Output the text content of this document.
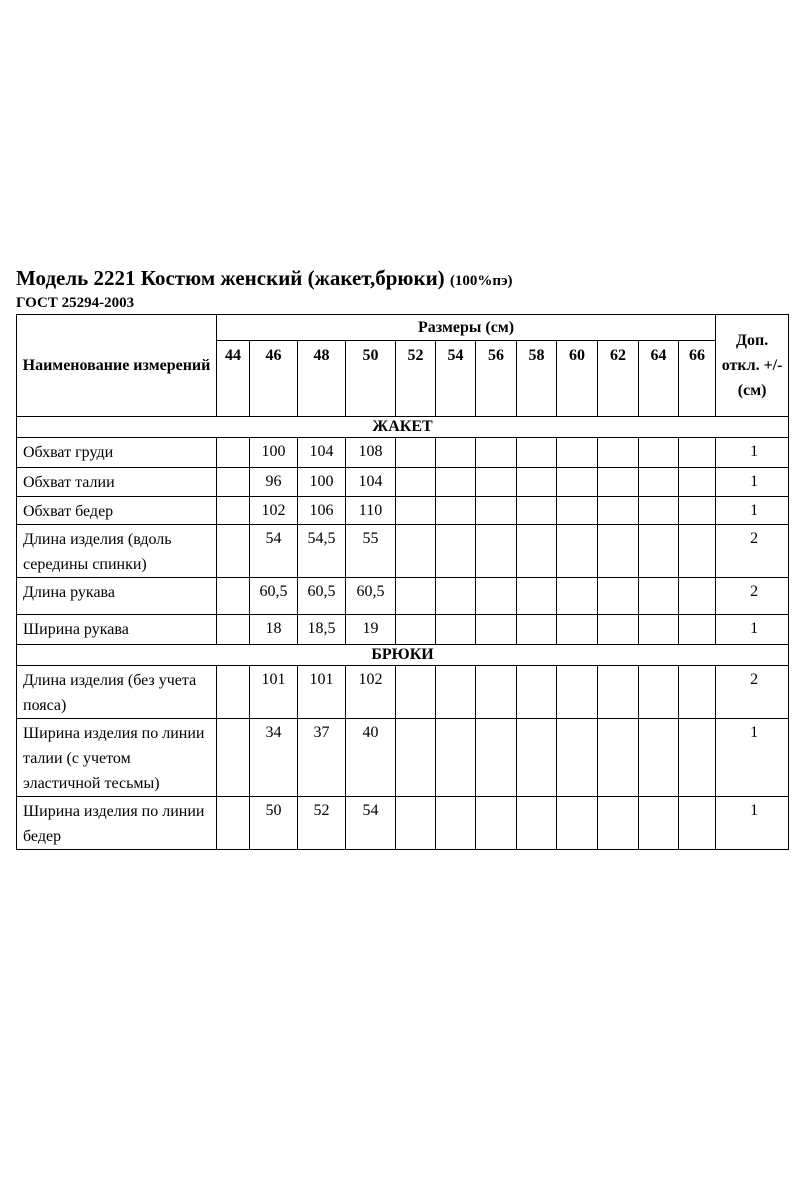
Модель 2221 Костюм женский (жакет,брюки) (100%пэ)
ГОСТ 25294-2003
Наименование измерений	Размеры (см)												Доп. откл. +/- (см)
	44	46	48	50	52	54	56	58	60	62	64	66	
ЖАКЕТ													
Обхват груди		100	104	108									1
Обхват талии		96	100	104									1
Обхват бедер		102	106	110									1
Длина изделия (вдоль середины спинки)		54	54,5	55									2
Длина рукава		60,5	60,5	60,5									2
Ширина рукава		18	18,5	19									1
БРЮКИ													
Длина изделия (без учета пояса)		101	101	102									2
Ширина изделия по линии талии (с учетом эластичной тесьмы)		34	37	40									1
Ширина изделия по линии бедер		50	52	54									1
